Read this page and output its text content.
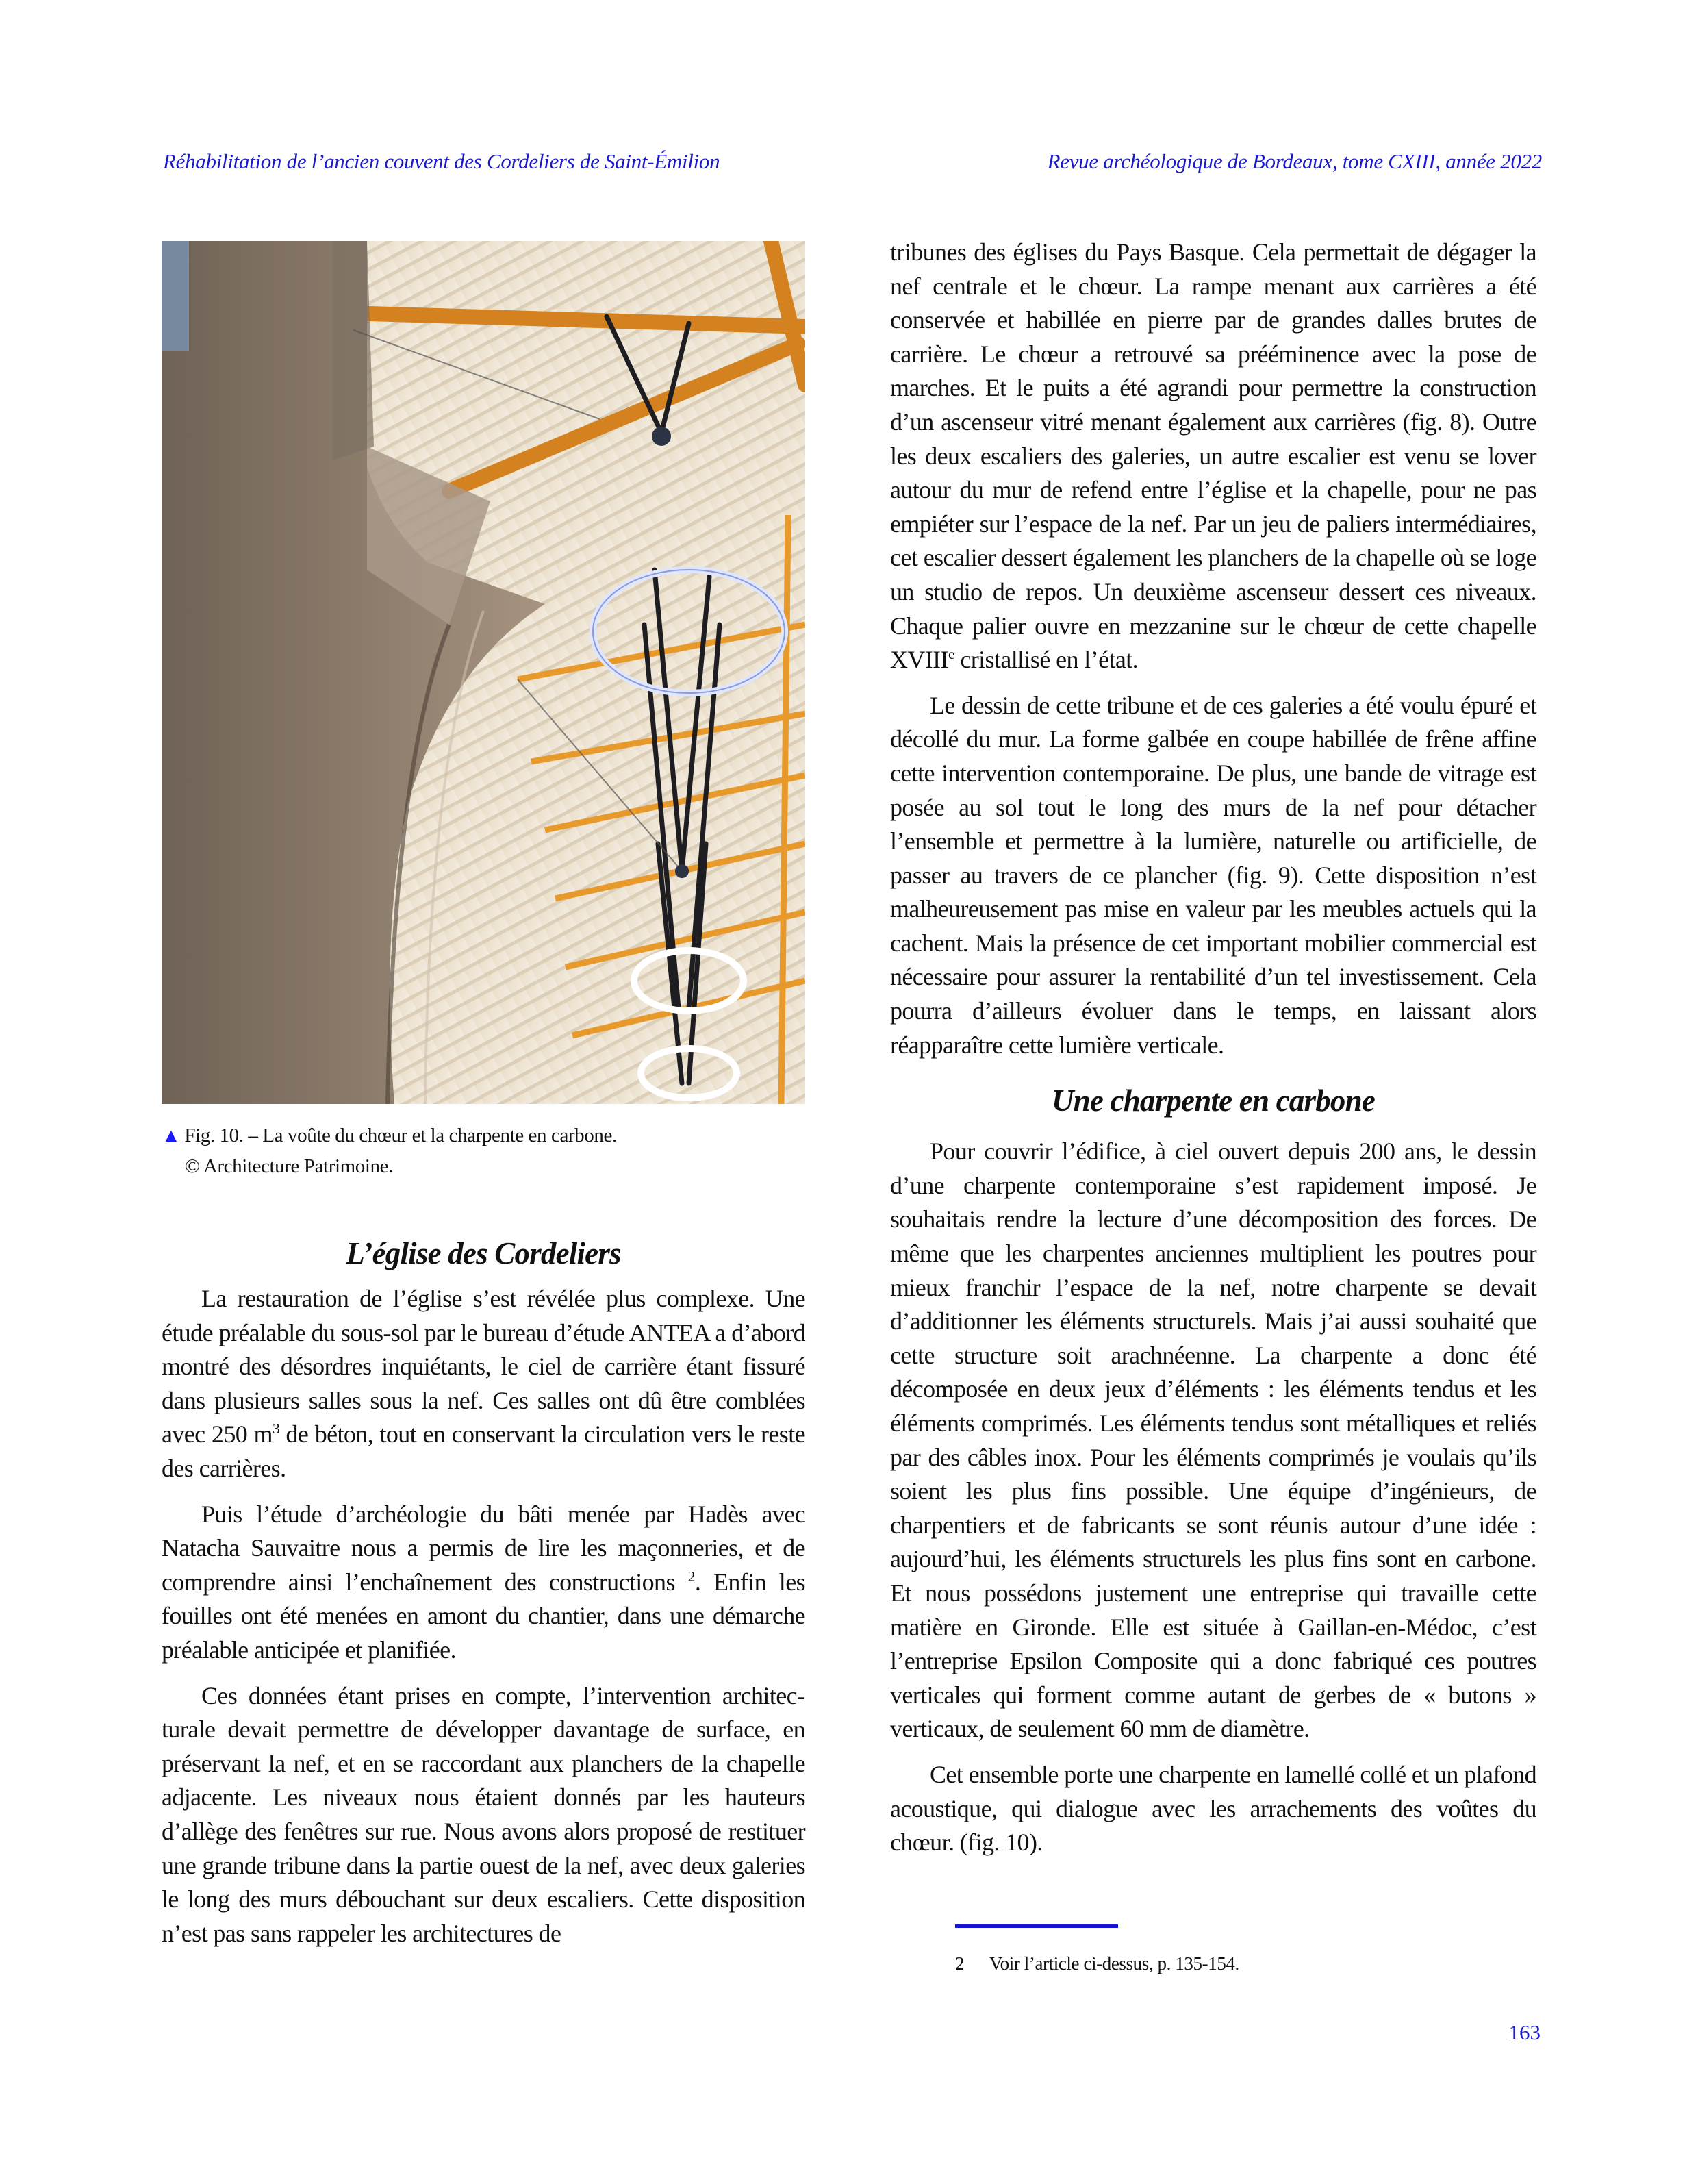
Réhabilitation de l’ancien couvent des Cordeliers de Saint-Émilion	Revue archéologique de Bordeaux, tome CXIII, année 2022
▲ Fig. 10. – La voûte du chœur et la charpente en carbone.
© Architecture Patrimoine.
L’église des Cordeliers

La restauration de l’église s’est révélée plus complexe. Une étude préalable du sous-sol par le bureau d’étude ANTEA a d’abord montré des désordres inquiétants, le ciel de carrière étant fissuré dans plusieurs salles sous la nef. Ces salles ont dû être comblées avec 250 $m^3$ de béton, tout en conservant la circulation vers le reste des carrières.

Puis l’étude d’archéologie du bâti menée par Hadès avec Natacha Sauvaitre nous a permis de lire les maçonneries, et de comprendre ainsi l’enchaînement des constructions $^2$. Enfin les fouilles ont été menées en amont du chantier, dans une démarche préalable anticipée et planifiée.

Ces données étant prises en compte, l’intervention architecturale devait permettre de développer davantage de surface, en préservant la nef, et en se raccordant aux planchers de la chapelle adjacente. Les niveaux nous étaient donnés par les hauteurs d’allège des fenêtres sur rue. Nous avons alors proposé de restituer une grande tribune dans la partie ouest de la nef, avec deux galeries le long des murs débouchant sur deux escaliers. Cette disposition n’est pas sans rappeler les architectures de

tribunes des églises du Pays Basque. Cela permettait de dégager la nef centrale et le chœur. La rampe menant aux carrières a été conservée et habillée en pierre par de grandes dalles brutes de carrière. Le chœur a retrouvé sa prééminence avec la pose de marches. Et le puits a été agrandi pour permettre la construction d’un ascenseur vitré menant également aux carrières (fig. 8). Outre les deux escaliers des galeries, un autre escalier est venu se lover autour du mur de refend entre l’église et la chapelle, pour ne pas empiéter sur l’espace de la nef. Par un jeu de paliers intermédiaires, cet escalier dessert également les planchers de la chapelle où se loge un studio de repos. Un deuxième ascenseur dessert ces niveaux. Chaque palier ouvre en mezzanine sur le chœur de cette chapelle XVIIIe cristallisé en l’état.

Le dessin de cette tribune et de ces galeries a été voulu épuré et décollé du mur. La forme galbée en coupe habillée de frêne affine cette intervention contemporaine. De plus, une bande de vitrage est posée au sol tout le long des murs de la nef pour détacher l’ensemble et permettre à la lumière, naturelle ou artificielle, de passer au travers de ce plancher (fig. 9). Cette disposition n’est malheureusement pas mise en valeur par les meubles actuels qui la cachent. Mais la présence de cet important mobilier commercial est nécessaire pour assurer la rentabilité d’un tel investissement. Cela pourra d’ailleurs évoluer dans le temps, en laissant alors réapparaître cette lumière verticale.

Une charpente en carbone

Pour couvrir l’édifice, à ciel ouvert depuis 200 ans, le dessin d’une charpente contemporaine s’est rapidement imposé. Je souhaitais rendre la lecture d’une décomposition des forces. De même que les charpentes anciennes multiplient les poutres pour mieux franchir l’espace de la nef, notre charpente se devait d’additionner les éléments structurels. Mais j’ai aussi souhaité que cette structure soit arachnéenne. La charpente a donc été décomposée en deux jeux d’éléments : les éléments tendus et les éléments comprimés. Les éléments tendus sont métalliques et reliés par des câbles inox. Pour les éléments comprimés je voulais qu’ils soient les plus fins possible. Une équipe d’ingénieurs, de charpentiers et de fabricants se sont réunis autour d’une idée : aujourd’hui, les éléments structurels les plus fins sont en carbone. Et nous possédons justement une entreprise qui travaille cette matière en Gironde. Elle est située à Gaillan-en-Médoc, c’est l’entreprise Epsilon Composite qui a donc fabriqué ces poutres verticales qui forment comme autant de gerbes de « butons » verticaux, de seulement 60 mm de diamètre.

Cet ensemble porte une charpente en lamellé collé et un plafond acoustique, qui dialogue avec les arrachements des voûtes du chœur. (fig. 10).

2 Voir l’article ci-dessus, p. 135-154.
163
